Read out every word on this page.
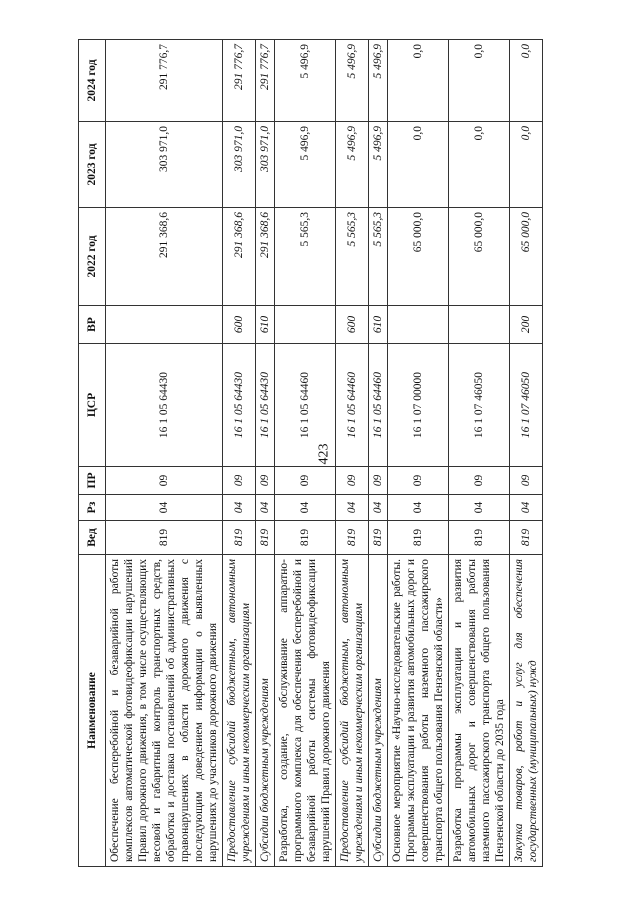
423
Наименование	Вед	Рз	ПР	ЦСР	ВР	2022 год	2023 год	2024 год
Обеспечение бесперебойной и безаварийной работы комплексов автоматической фотовидеофиксации нарушений Правил дорожного движения, в том числе осуществляющих весовой и габаритный контроль транспортных средств, обработка и доставка постановлений об административных правонарушениях в области дорожного движения с последующим доведением информации о выявленных нарушениях до участников дорожного движения	819	04	09	16 1 05 64430		291 368,6	303 971,0	291 776,7
Предоставление субсидий бюджетным, автономным учреждениям и иным некоммерческим организациям	819	04	09	16 1 05 64430	600	291 368,6	303 971,0	291 776,7
Субсидии бюджетным учреждениям	819	04	09	16 1 05 64430	610	291 368,6	303 971,0	291 776,7
Разработка, создание, обслуживание аппаратно-программного комплекса для обеспечения бесперебойной и безаварийной работы системы фотовидеофиксации нарушений Правил дорожного движения	819	04	09	16 1 05 64460		5 565,3	5 496,9	5 496,9
Предоставление субсидий бюджетным, автономным учреждениям и иным некоммерческим организациям	819	04	09	16 1 05 64460	600	5 565,3	5 496,9	5 496,9
Субсидии бюджетным учреждениям	819	04	09	16 1 05 64460	610	5 565,3	5 496,9	5 496,9
Основное мероприятие «Научно-исследовательские работы. Программы эксплуатации и развития автомобильных дорог и совершенствования работы наземного пассажирского транспорта общего пользования Пензенской области»	819	04	09	16 1 07 00000		65 000,0	0,0	0,0
Разработка программы эксплуатации и развития автомобильных дорог и совершенствования работы наземного пассажирского транспорта общего пользования Пензенской области до 2035 года	819	04	09	16 1 07 46050		65 000,0	0,0	0,0
Закупка товаров, работ и услуг для обеспечения государственных (муниципальных) нужд	819	04	09	16 1 07 46050	200	65 000,0	0,0	0,0
